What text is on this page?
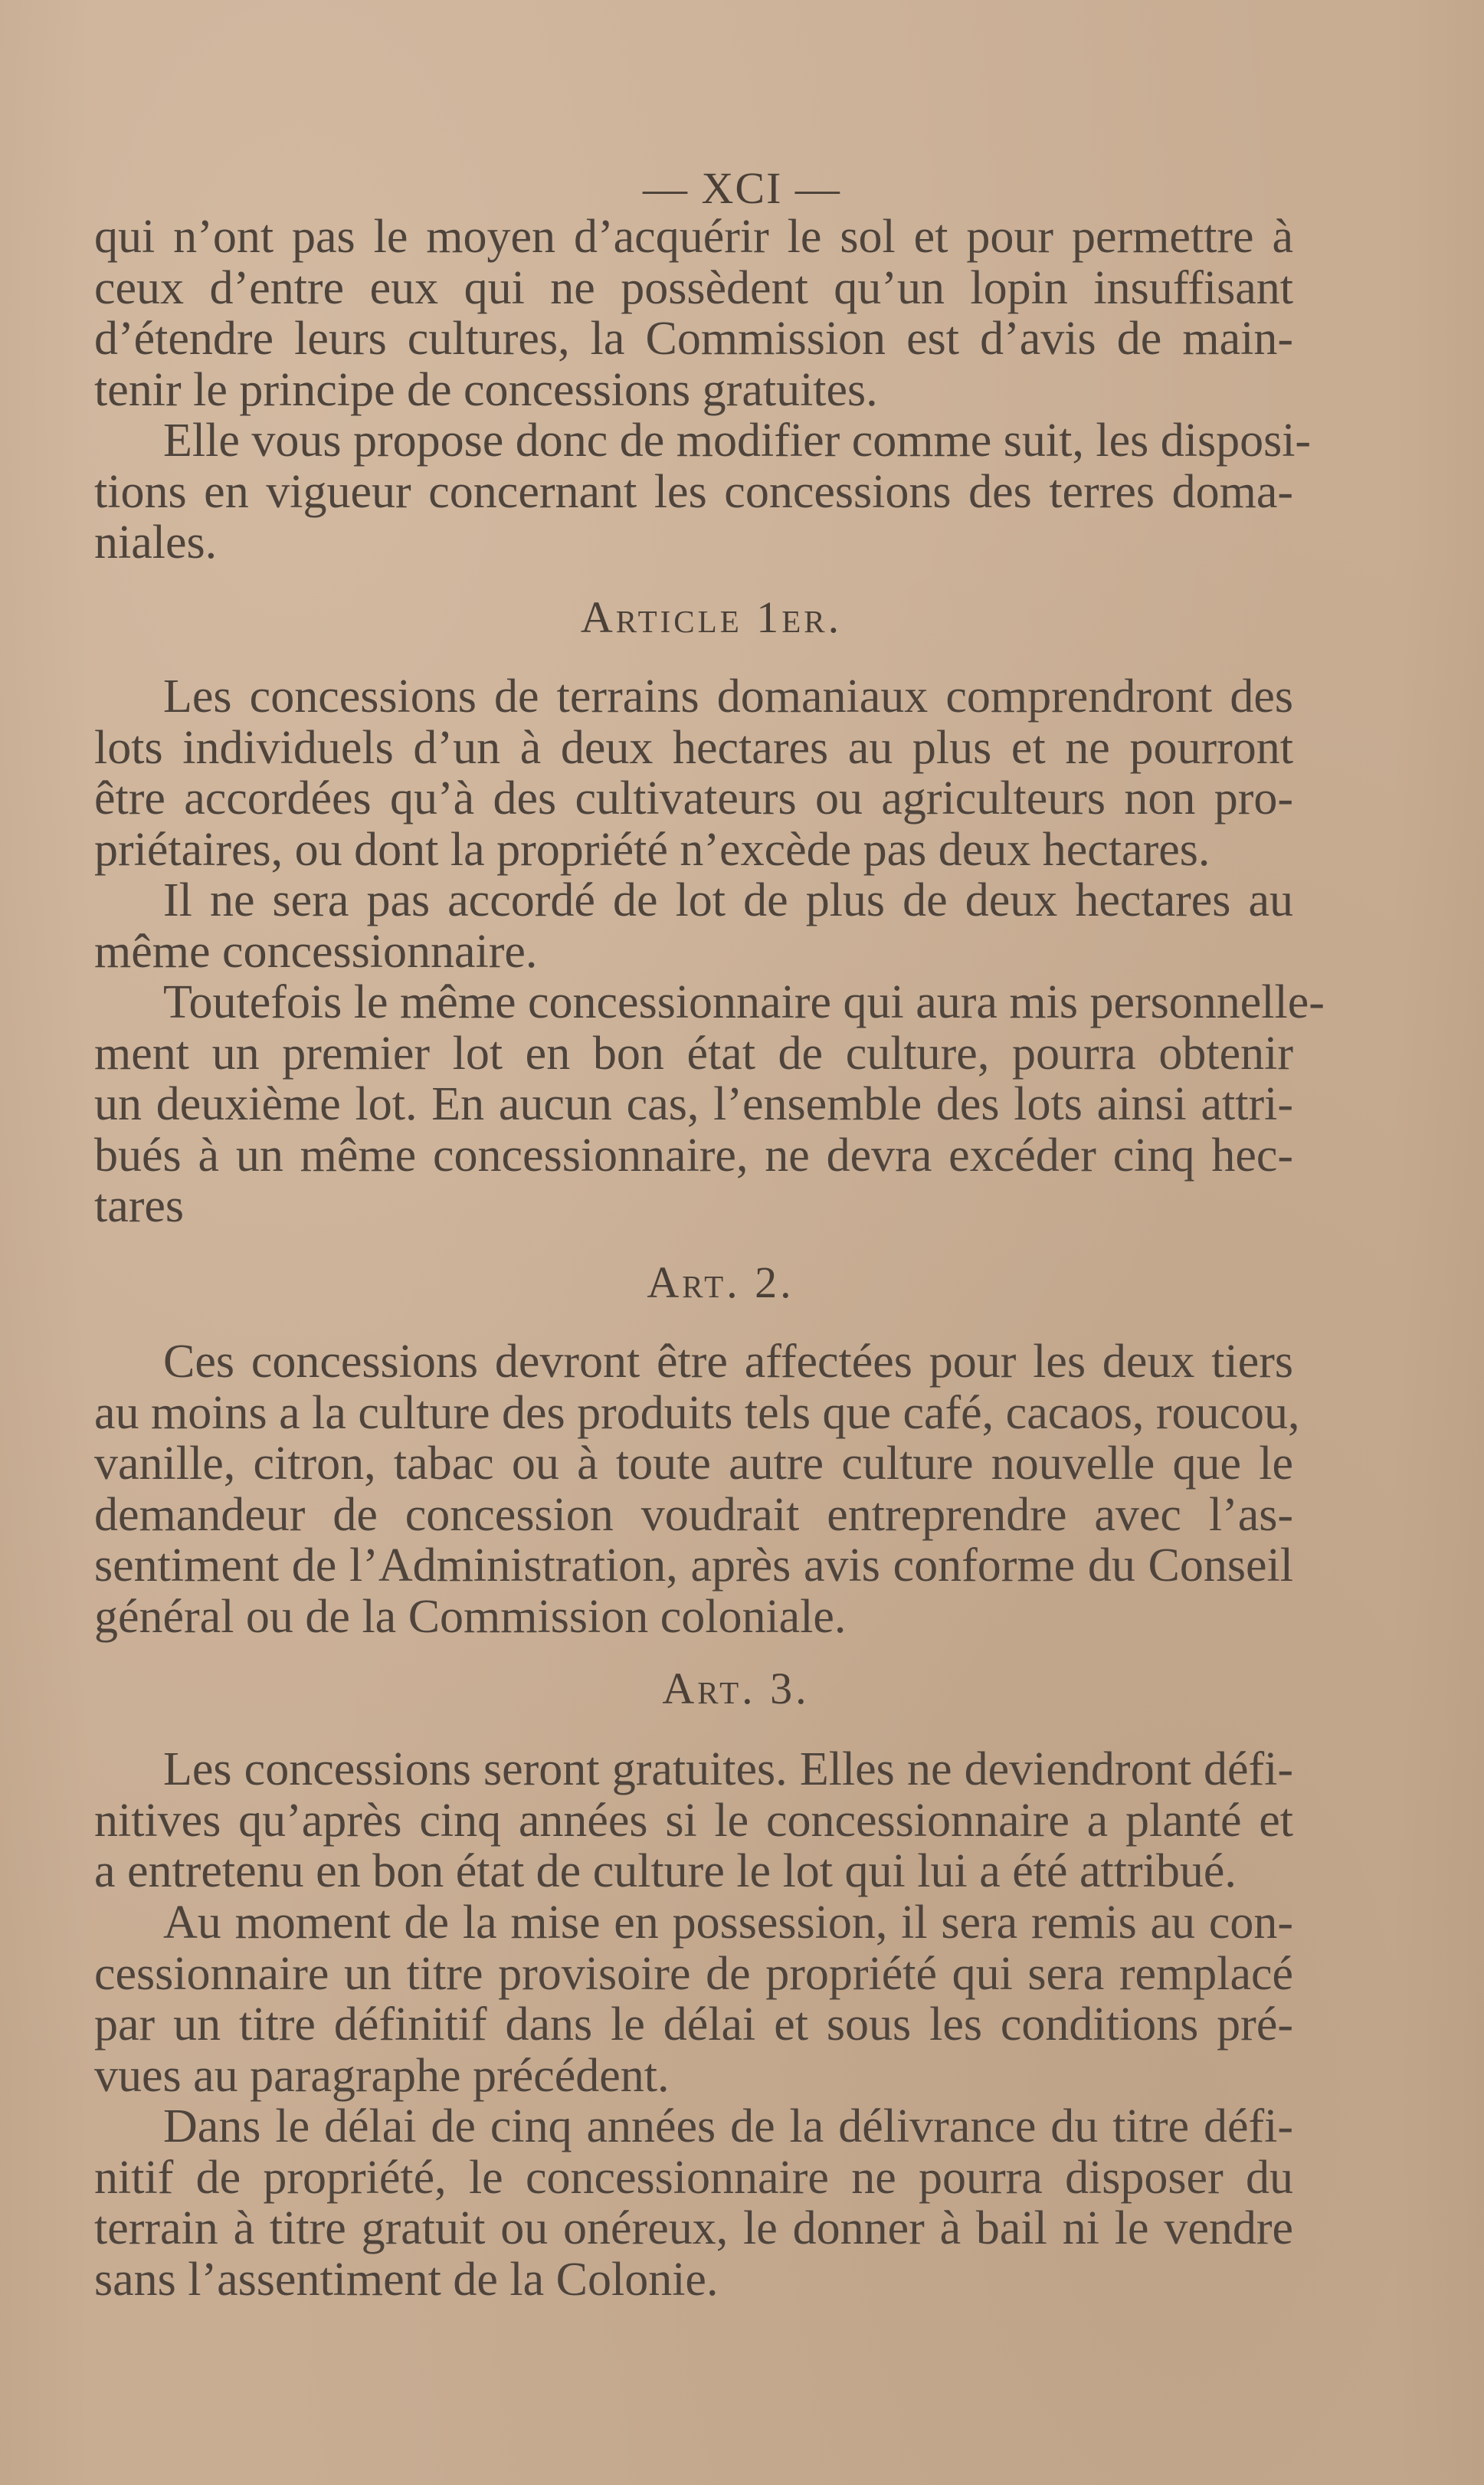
— XCI —
qui n’ont pas le moyen d’acquérir le sol et pour permettre à
ceux d’entre eux qui ne possèdent qu’un lopin insuffisant
d’étendre leurs cultures, la Commission est d’avis de main-
tenir le principe de concessions gratuites.
Elle vous propose donc de modifier comme suit, les disposi-
tions en vigueur concernant les concessions des terres doma-
niales.
Article 1er.
Les concessions de terrains domaniaux comprendront des
lots individuels d’un à deux hectares au plus et ne pourront
être accordées qu’à des cultivateurs ou agriculteurs non pro-
priétaires, ou dont la propriété n’excède pas deux hectares.
Il ne sera pas accordé de lot de plus de deux hectares au
même concessionnaire.
Toutefois le même concessionnaire qui aura mis personnelle-
ment un premier lot en bon état de culture, pourra obtenir
un deuxième lot. En aucun cas, l’ensemble des lots ainsi attri-
bués à un même concessionnaire, ne devra excéder cinq hec-
tares
Art. 2.
Ces concessions devront être affectées pour les deux tiers
au moins a la culture des produits tels que café, cacaos, roucou,
vanille, citron, tabac ou à toute autre culture nouvelle que le
demandeur de concession voudrait entreprendre avec l’as-
sentiment de l’Administration, après avis conforme du Conseil
général ou de la Commission coloniale.
Art. 3.
Les concessions seront gratuites. Elles ne deviendront défi-
nitives qu’après cinq années si le concessionnaire a planté et
a entretenu en bon état de culture le lot qui lui a été attribué.
Au moment de la mise en possession, il sera remis au con-
cessionnaire un titre provisoire de propriété qui sera remplacé
par un titre définitif dans le délai et sous les conditions pré-
vues au paragraphe précédent.
Dans le délai de cinq années de la délivrance du titre défi-
nitif de propriété, le concessionnaire ne pourra disposer du
terrain à titre gratuit ou onéreux, le donner à bail ni le vendre
sans l’assentiment de la Colonie.
